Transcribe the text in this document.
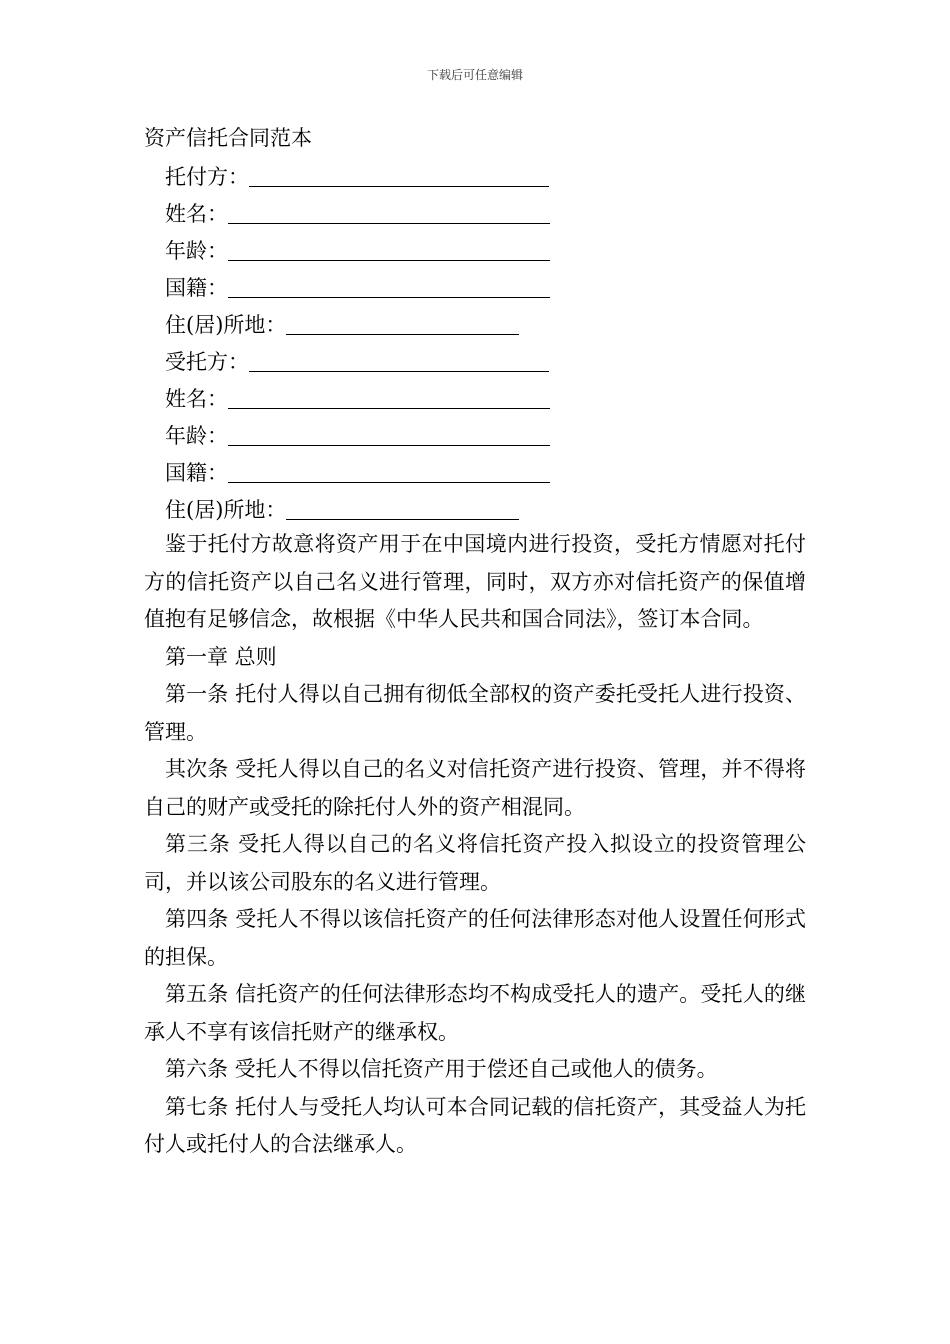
下载后可任意编辑
资产信托合同范本
托付方：
姓名：
年龄：
国籍：
住(居)所地：
受托方：
姓名：
年龄：
国籍：
住(居)所地：

鉴于托付方故意将资产用于在中国境内进行投资，受托方情愿对托付方的信托资产以自己名义进行管理，同时，双方亦对信托资产的保值增值抱有足够信念，故根据《中华人民共和国合同法》，签订本合同。

第一章 总则

第一条 托付人得以自己拥有彻低全部权的资产委托受托人进行投资、管理。

其次条 受托人得以自己的名义对信托资产进行投资、管理，并不得将自己的财产或受托的除托付人外的资产相混同。

第三条 受托人得以自己的名义将信托资产投入拟设立的投资管理公司，并以该公司股东的名义进行管理。

第四条 受托人不得以该信托资产的任何法律形态对他人设置任何形式的担保。

第五条 信托资产的任何法律形态均不构成受托人的遗产。受托人的继承人不享有该信托财产的继承权。

第六条 受托人不得以信托资产用于偿还自己或他人的债务。

第七条 托付人与受托人均认可本合同记载的信托资产，其受益人为托付人或托付人的合法继承人。
